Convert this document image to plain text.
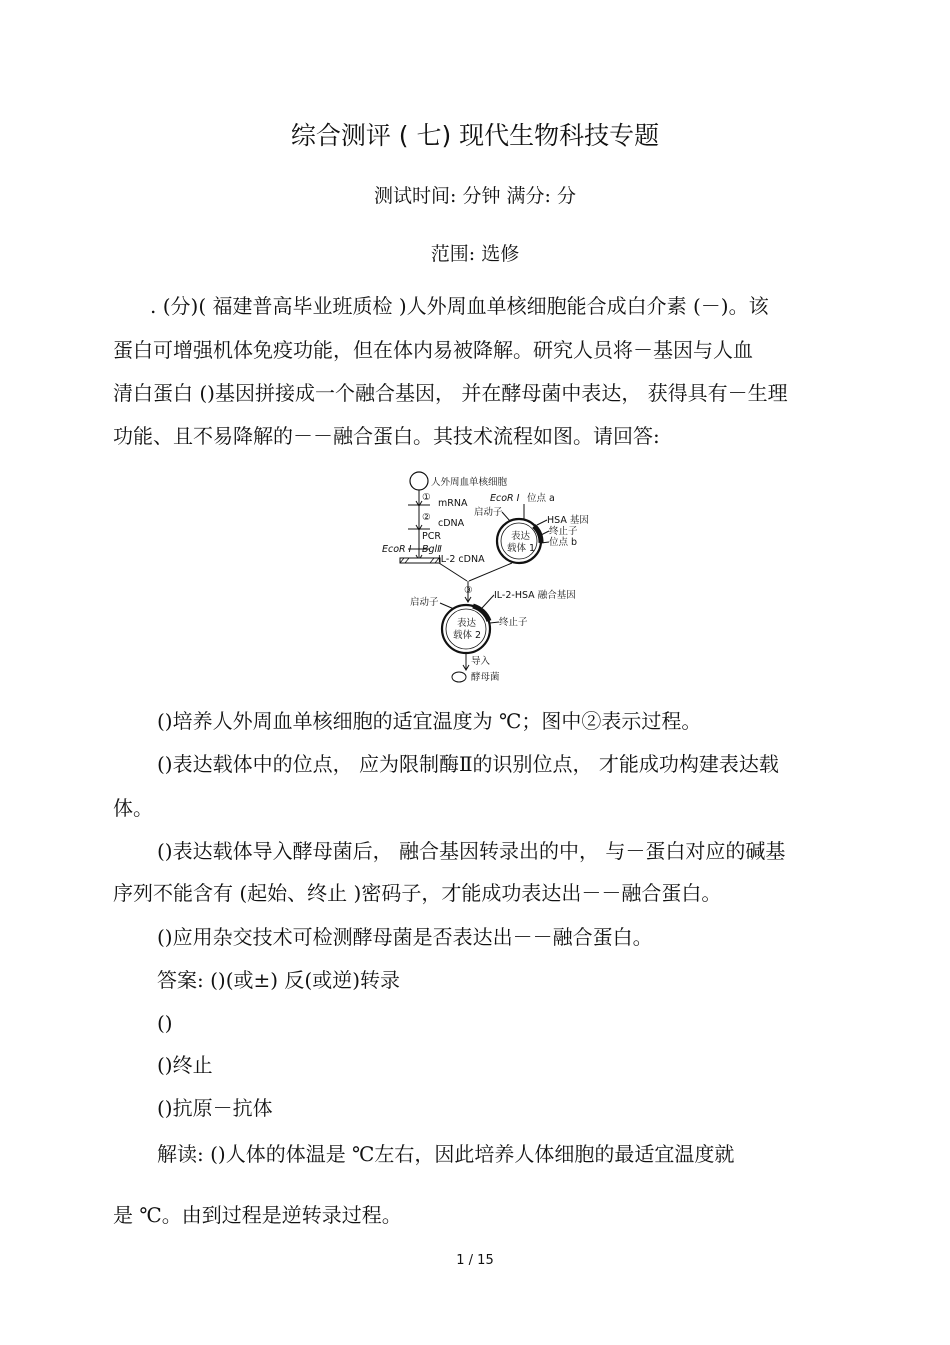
综合测评 ( 七) 现代生物科技专题
测试时间: 分钟 满分: 分
范围: 选修
. (分)( 福建普高毕业班质检 )人外周血单核细胞能合成白介素 (－)。该
蛋白可增强机体免疫功能，但在体内易被降解。研究人员将－基因与人血
清白蛋白 ()基因拼接成一个融合基因， 并在酵母菌中表达， 获得具有－生理
功能、且不易降解的－－融合蛋白。其技术流程如图。请回答:
人外周血单核细胞
①
mRNA
②
cDNA
PCR
EcoR Ⅰ BglⅡ
IL-2 cDNA
表达
载体 1
EcoR Ⅰ 位点 a
启动子
HSA 基因
终止子
位点 b
③
表达
载体 2
启动子
IL-2-HSA 融合基因
终止子
导入
酵母菌
()培养人外周血单核细胞的适宜温度为 ℃；图中②表示过程。
()表达载体中的位点， 应为限制酶Ⅱ的识别位点， 才能成功构建表达载
体。
()表达载体导入酵母菌后， 融合基因转录出的中， 与－蛋白对应的碱基
序列不能含有 (起始、终止 )密码子，才能成功表达出－－融合蛋白。
()应用杂交技术可检测酵母菌是否表达出－－融合蛋白。
答案: ()(或±) 反(或逆)转录
()
()终止
()抗原－抗体
解读: ()人体的体温是 ℃左右，因此培养人体细胞的最适宜温度就
是 ℃。由到过程是逆转录过程。
1 / 15
